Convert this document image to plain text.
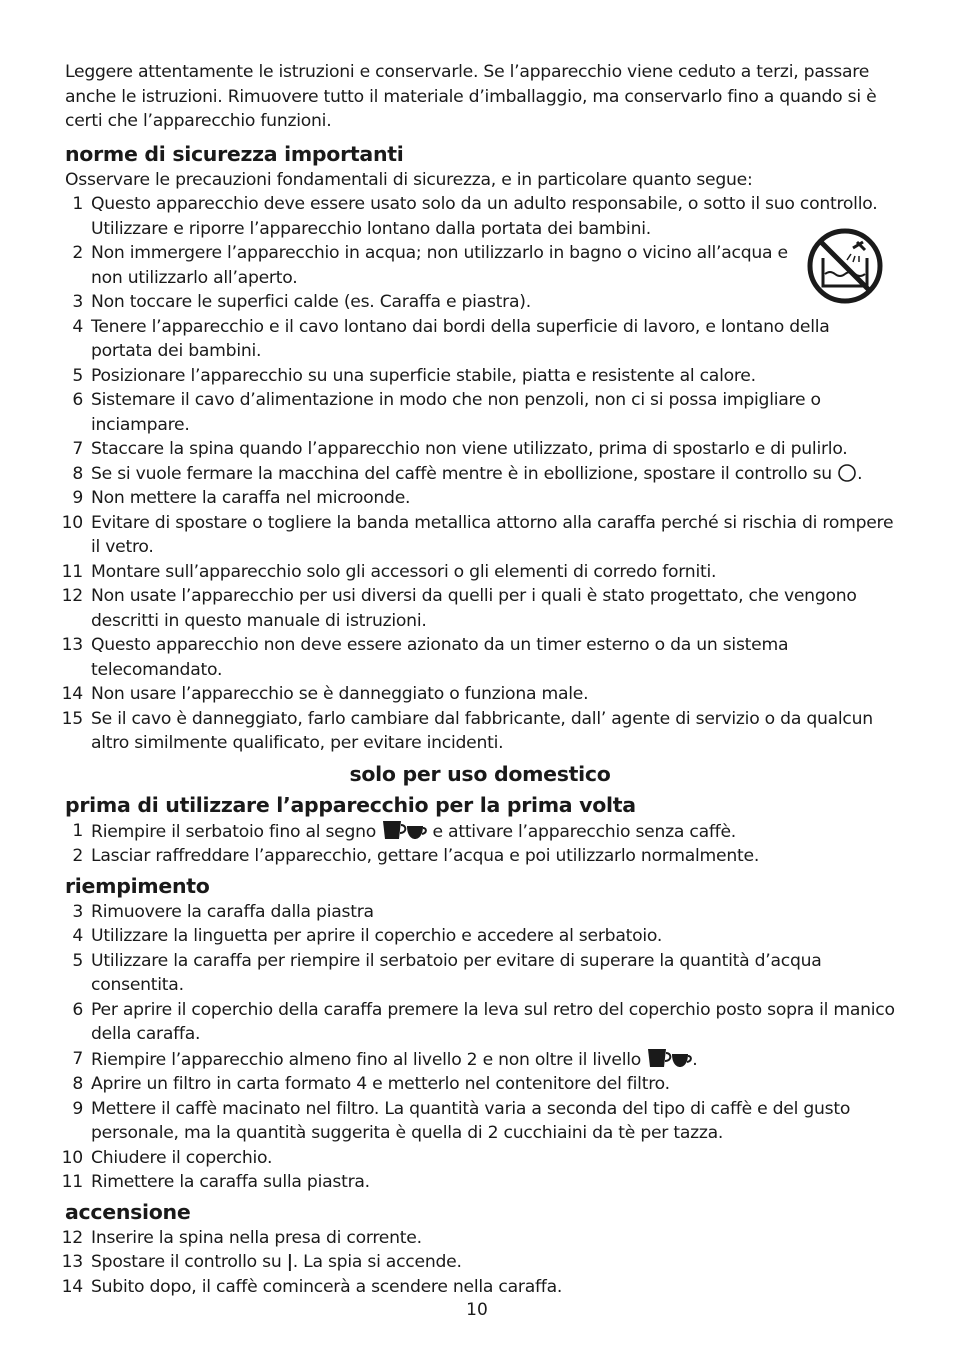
Leggere attentamente le istruzioni e conservarle. Se l’apparecchio viene ceduto a terzi, passare anche le istruzioni. Rimuovere tutto il materiale d’imballaggio, ma conservarlo fino a quando si è certi che l’apparecchio funzioni.

norme di sicurezza importanti

Osservare le precauzioni fondamentali di sicurezza, e in particolare quanto segue:

1 Questo apparecchio deve essere usato solo da un adulto responsabile, o sotto il suo controllo. Utilizzare e riporre l’apparecchio lontano dalla portata dei bambini.
2 Non immergere l’apparecchio in acqua; non utilizzarlo in bagno o vicino all’acqua e non utilizzarlo all’aperto.
3 Non toccare le superfici calde (es. Caraffa e piastra).
4 Tenere l’apparecchio e il cavo lontano dai bordi della superficie di lavoro, e lontano della portata dei bambini.
5 Posizionare l’apparecchio su una superficie stabile, piatta e resistente al calore.
6 Sistemare il cavo d’alimentazione in modo che non penzoli, non ci si possa impigliare o inciampare.
7 Staccare la spina quando l’apparecchio non viene utilizzato, prima di spostarlo e di pulirlo.
8 Se si vuole fermare la macchina del caffè mentre è in ebollizione, spostare il controllo su .
9 Non mettere la caraffa nel microonde.
10 Evitare di spostare o togliere la banda metallica attorno alla caraffa perché si rischia di rompere il vetro.
11 Montare sull’apparecchio solo gli accessori o gli elementi di corredo forniti.
12 Non usate l’apparecchio per usi diversi da quelli per i quali è stato progettato, che vengono descritti in questo manuale di istruzioni.
13 Questo apparecchio non deve essere azionato da un timer esterno o da un sistema telecomandato.
14 Non usare l’apparecchio se è danneggiato o funziona male.
15 Se il cavo è danneggiato, farlo cambiare dal fabbricante, dall’ agente di servizio o da qualcun altro similmente qualificato, per evitare incidenti.
solo per uso domestico
prima di utilizzare l’apparecchio per la prima volta
1 Riempire il serbatoio fino al segno	e attivare l’apparecchio senza caffè.
2 Lasciar raffreddare l’apparecchio, gettare l’acqua e poi utilizzarlo normalmente.
riempimento
3 Rimuovere la caraffa dalla piastra
4 Utilizzare la linguetta per aprire il coperchio e accedere al serbatoio.
5 Utilizzare la caraffa per riempire il serbatoio per evitare di superare la quantità d’acqua consentita.
6 Per aprire il coperchio della caraffa premere la leva sul retro del coperchio posto sopra il manico della caraffa.
7 Riempire l’apparecchio almeno fino al livello 2 e non oltre il livello	.
8 Aprire un filtro in carta formato 4 e metterlo nel contenitore del filtro.
9 Mettere il caffè macinato nel filtro. La quantità varia a seconda del tipo di caffè e del gusto personale, ma la quantità suggerita è quella di 2 cucchiaini da tè per tazza.
10 Chiudere il coperchio.
11 Rimettere la caraffa sulla piastra.
accensione
12 Inserire la spina nella presa di corrente.
13 Spostare il controllo su |. La spia si accende.
14 Subito dopo, il caffè comincerà a scendere nella caraffa.
10
